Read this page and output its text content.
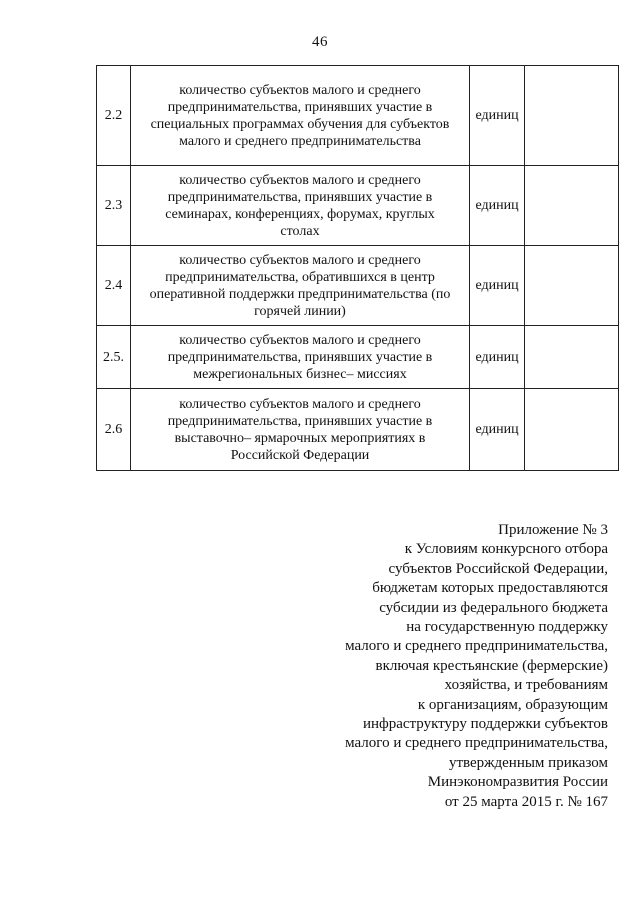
46
2.2	количество субъектов малого и среднего
предпринимательства, принявших участие в
специальных программах обучения для субъектов
малого и среднего предпринимательства	единиц	
2.3	количество субъектов малого и среднего
предпринимательства, принявших участие в
семинарах, конференциях, форумах, круглых
столах	единиц	
2.4	количество субъектов малого и среднего
предпринимательства, обратившихся в центр
оперативной поддержки предпринимательства (по
горячей линии)	единиц	
2.5.	количество субъектов малого и среднего
предпринимательства, принявших участие в
межрегиональных бизнес– миссиях	единиц	
2.6	количество субъектов малого и среднего
предпринимательства, принявших участие в
выставочно– ярмарочных мероприятиях в
Российской Федерации	единиц	
Приложение № 3
к Условиям конкурсного отбора
субъектов Российской Федерации,
бюджетам которых предоставляются
субсидии из федерального бюджета
на государственную поддержку
малого и среднего предпринимательства,
включая крестьянские (фермерские)
хозяйства, и требованиям
к организациям, образующим
инфраструктуру поддержки субъектов
малого и среднего предпринимательства,
утвержденным приказом
Минэкономразвития России
от 25 марта 2015 г. № 167
